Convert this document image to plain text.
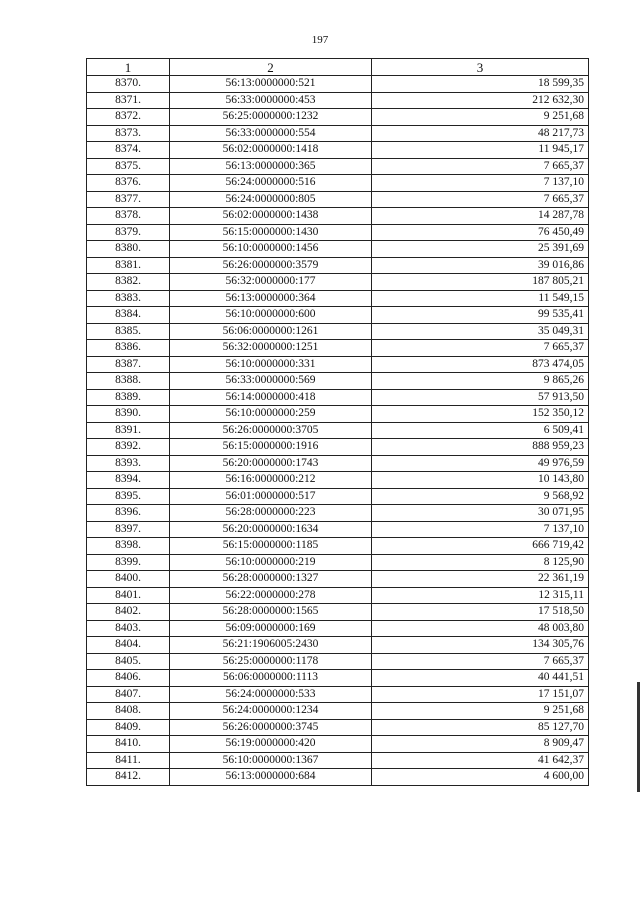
197
1	2	3
8370.	56:13:0000000:521	18 599,35
8371.	56:33:0000000:453	212 632,30
8372.	56:25:0000000:1232	9 251,68
8373.	56:33:0000000:554	48 217,73
8374.	56:02:0000000:1418	11 945,17
8375.	56:13:0000000:365	7 665,37
8376.	56:24:0000000:516	7 137,10
8377.	56:24:0000000:805	7 665,37
8378.	56:02:0000000:1438	14 287,78
8379.	56:15:0000000:1430	76 450,49
8380.	56:10:0000000:1456	25 391,69
8381.	56:26:0000000:3579	39 016,86
8382.	56:32:0000000:177	187 805,21
8383.	56:13:0000000:364	11 549,15
8384.	56:10:0000000:600	99 535,41
8385.	56:06:0000000:1261	35 049,31
8386.	56:32:0000000:1251	7 665,37
8387.	56:10:0000000:331	873 474,05
8388.	56:33:0000000:569	9 865,26
8389.	56:14:0000000:418	57 913,50
8390.	56:10:0000000:259	152 350,12
8391.	56:26:0000000:3705	6 509,41
8392.	56:15:0000000:1916	888 959,23
8393.	56:20:0000000:1743	49 976,59
8394.	56:16:0000000:212	10 143,80
8395.	56:01:0000000:517	9 568,92
8396.	56:28:0000000:223	30 071,95
8397.	56:20:0000000:1634	7 137,10
8398.	56:15:0000000:1185	666 719,42
8399.	56:10:0000000:219	8 125,90
8400.	56:28:0000000:1327	22 361,19
8401.	56:22:0000000:278	12 315,11
8402.	56:28:0000000:1565	17 518,50
8403.	56:09:0000000:169	48 003,80
8404.	56:21:1906005:2430	134 305,76
8405.	56:25:0000000:1178	7 665,37
8406.	56:06:0000000:1113	40 441,51
8407.	56:24:0000000:533	17 151,07
8408.	56:24:0000000:1234	9 251,68
8409.	56:26:0000000:3745	85 127,70
8410.	56:19:0000000:420	8 909,47
8411.	56:10:0000000:1367	41 642,37
8412.	56:13:0000000:684	4 600,00
